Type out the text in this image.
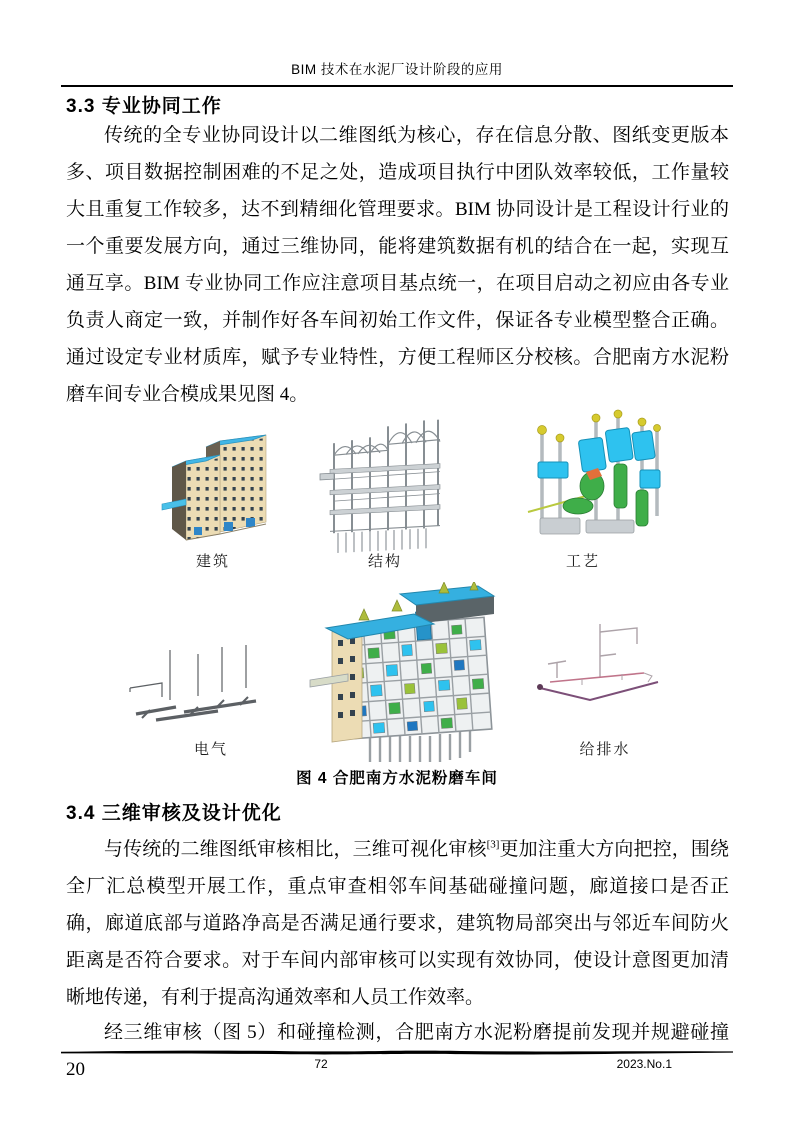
BIM 技术在水泥厂设计阶段的应用
3.3 专业协同工作

传统的全专业协同设计以二维图纸为核心，存在信息分散、图纸变更版本多、项目数据控制困难的不足之处，造成项目执行中团队效率较低，工作量较大且重复工作较多，达不到精细化管理要求。BIM 协同设计是工程设计行业的一个重要发展方向，通过三维协同，能将建筑数据有机的结合在一起，实现互通互享。BIM 专业协同工作应注意项目基点统一，在项目启动之初应由各专业负责人商定一致，并制作好各车间初始工作文件，保证各专业模型整合正确。通过设定专业材质库，赋予专业特性，方便工程师区分校核。合肥南方水泥粉磨车间专业合模成果见图 4。

建筑	结构	工艺
电气	给排水
图 4 合肥南方水泥粉磨车间
3.4 三维审核及设计优化

与传统的二维图纸审核相比，三维可视化审核[3]更加注重大方向把控，围绕全厂汇总模型开展工作，重点审查相邻车间基础碰撞问题，廊道接口是否正确，廊道底部与道路净高是否满足通行要求，建筑物局部突出与邻近车间防火距离是否符合要求。对于车间内部审核可以实现有效协同，使设计意图更加清晰地传递，有利于提高沟通效率和人员工作效率。

经三维审核（图 5）和碰撞检测，合肥南方水泥粉磨提前发现并规避碰撞 20	72	2023.No.1
